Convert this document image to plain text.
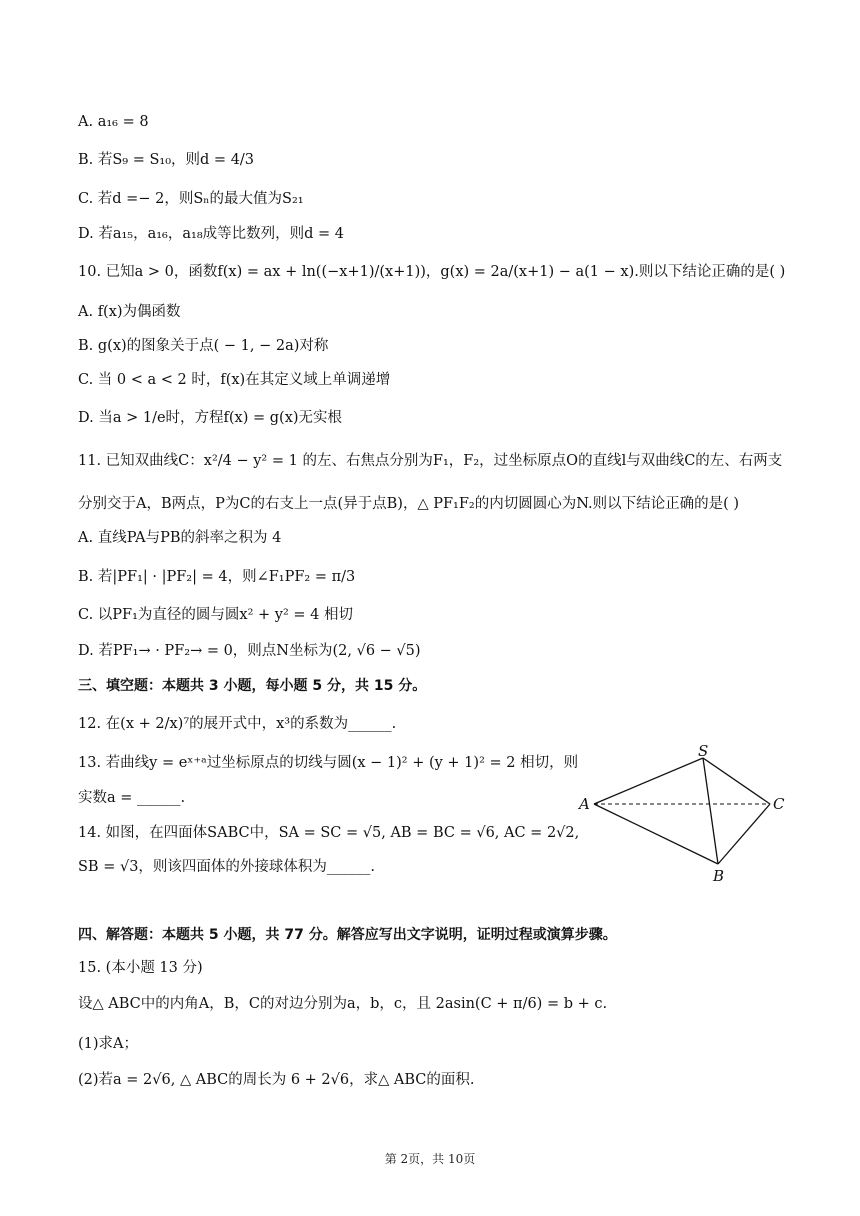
A. a₁₆ = 8
B. 若S₉ = S₁₀，则d = 4/3
C. 若d =− 2，则Sₙ的最大值为S₂₁
D. 若a₁₅，a₁₆，a₁₈成等比数列，则d = 4
10. 已知a > 0，函数f(x) = ax + ln((−x+1)/(x+1))，g(x) = 2a/(x+1) − a(1 − x).则以下结论正确的是( )
A. f(x)为偶函数
B. g(x)的图象关于点( − 1, − 2a)对称
C. 当 0 < a < 2 时，f(x)在其定义域上单调递增
D. 当a > 1/e时，方程f(x) = g(x)无实根
11. 已知双曲线C：x²/4 − y² = 1 的左、右焦点分别为F₁，F₂，过坐标原点O的直线l与双曲线C的左、右两支
分别交于A，B两点，P为C的右支上一点(异于点B)，△ PF₁F₂的内切圆圆心为N.则以下结论正确的是( )
A. 直线PA与PB的斜率之积为 4
B. 若|PF₁| · |PF₂| = 4，则∠F₁PF₂ = π/3
C. 以PF₁为直径的圆与圆x² + y² = 4 相切
D. 若PF₁→ · PF₂→ = 0，则点N坐标为(2, √6 − √5)
三、填空题：本题共 3 小题，每小题 5 分，共 15 分。
12. 在(x + 2/x)⁷的展开式中，x³的系数为______.
13. 若曲线y = eˣ⁺ᵃ过坐标原点的切线与圆(x − 1)² + (y + 1)² = 2 相切，则
实数a = ______.
14. 如图，在四面体SABC中，SA = SC = √5, AB = BC = √6, AC = 2√2,
SB = √3，则该四面体的外接球体积为______.
S
A	C
B
四、解答题：本题共 5 小题，共 77 分。解答应写出文字说明，证明过程或演算步骤。
15. (本小题 13 分)
设△ ABC中的内角A，B，C的对边分别为a，b，c，且 2asin(C + π/6) = b + c.
(1)求A；
(2)若a = 2√6, △ ABC的周长为 6 + 2√6，求△ ABC的面积.
第 2页，共 10页
